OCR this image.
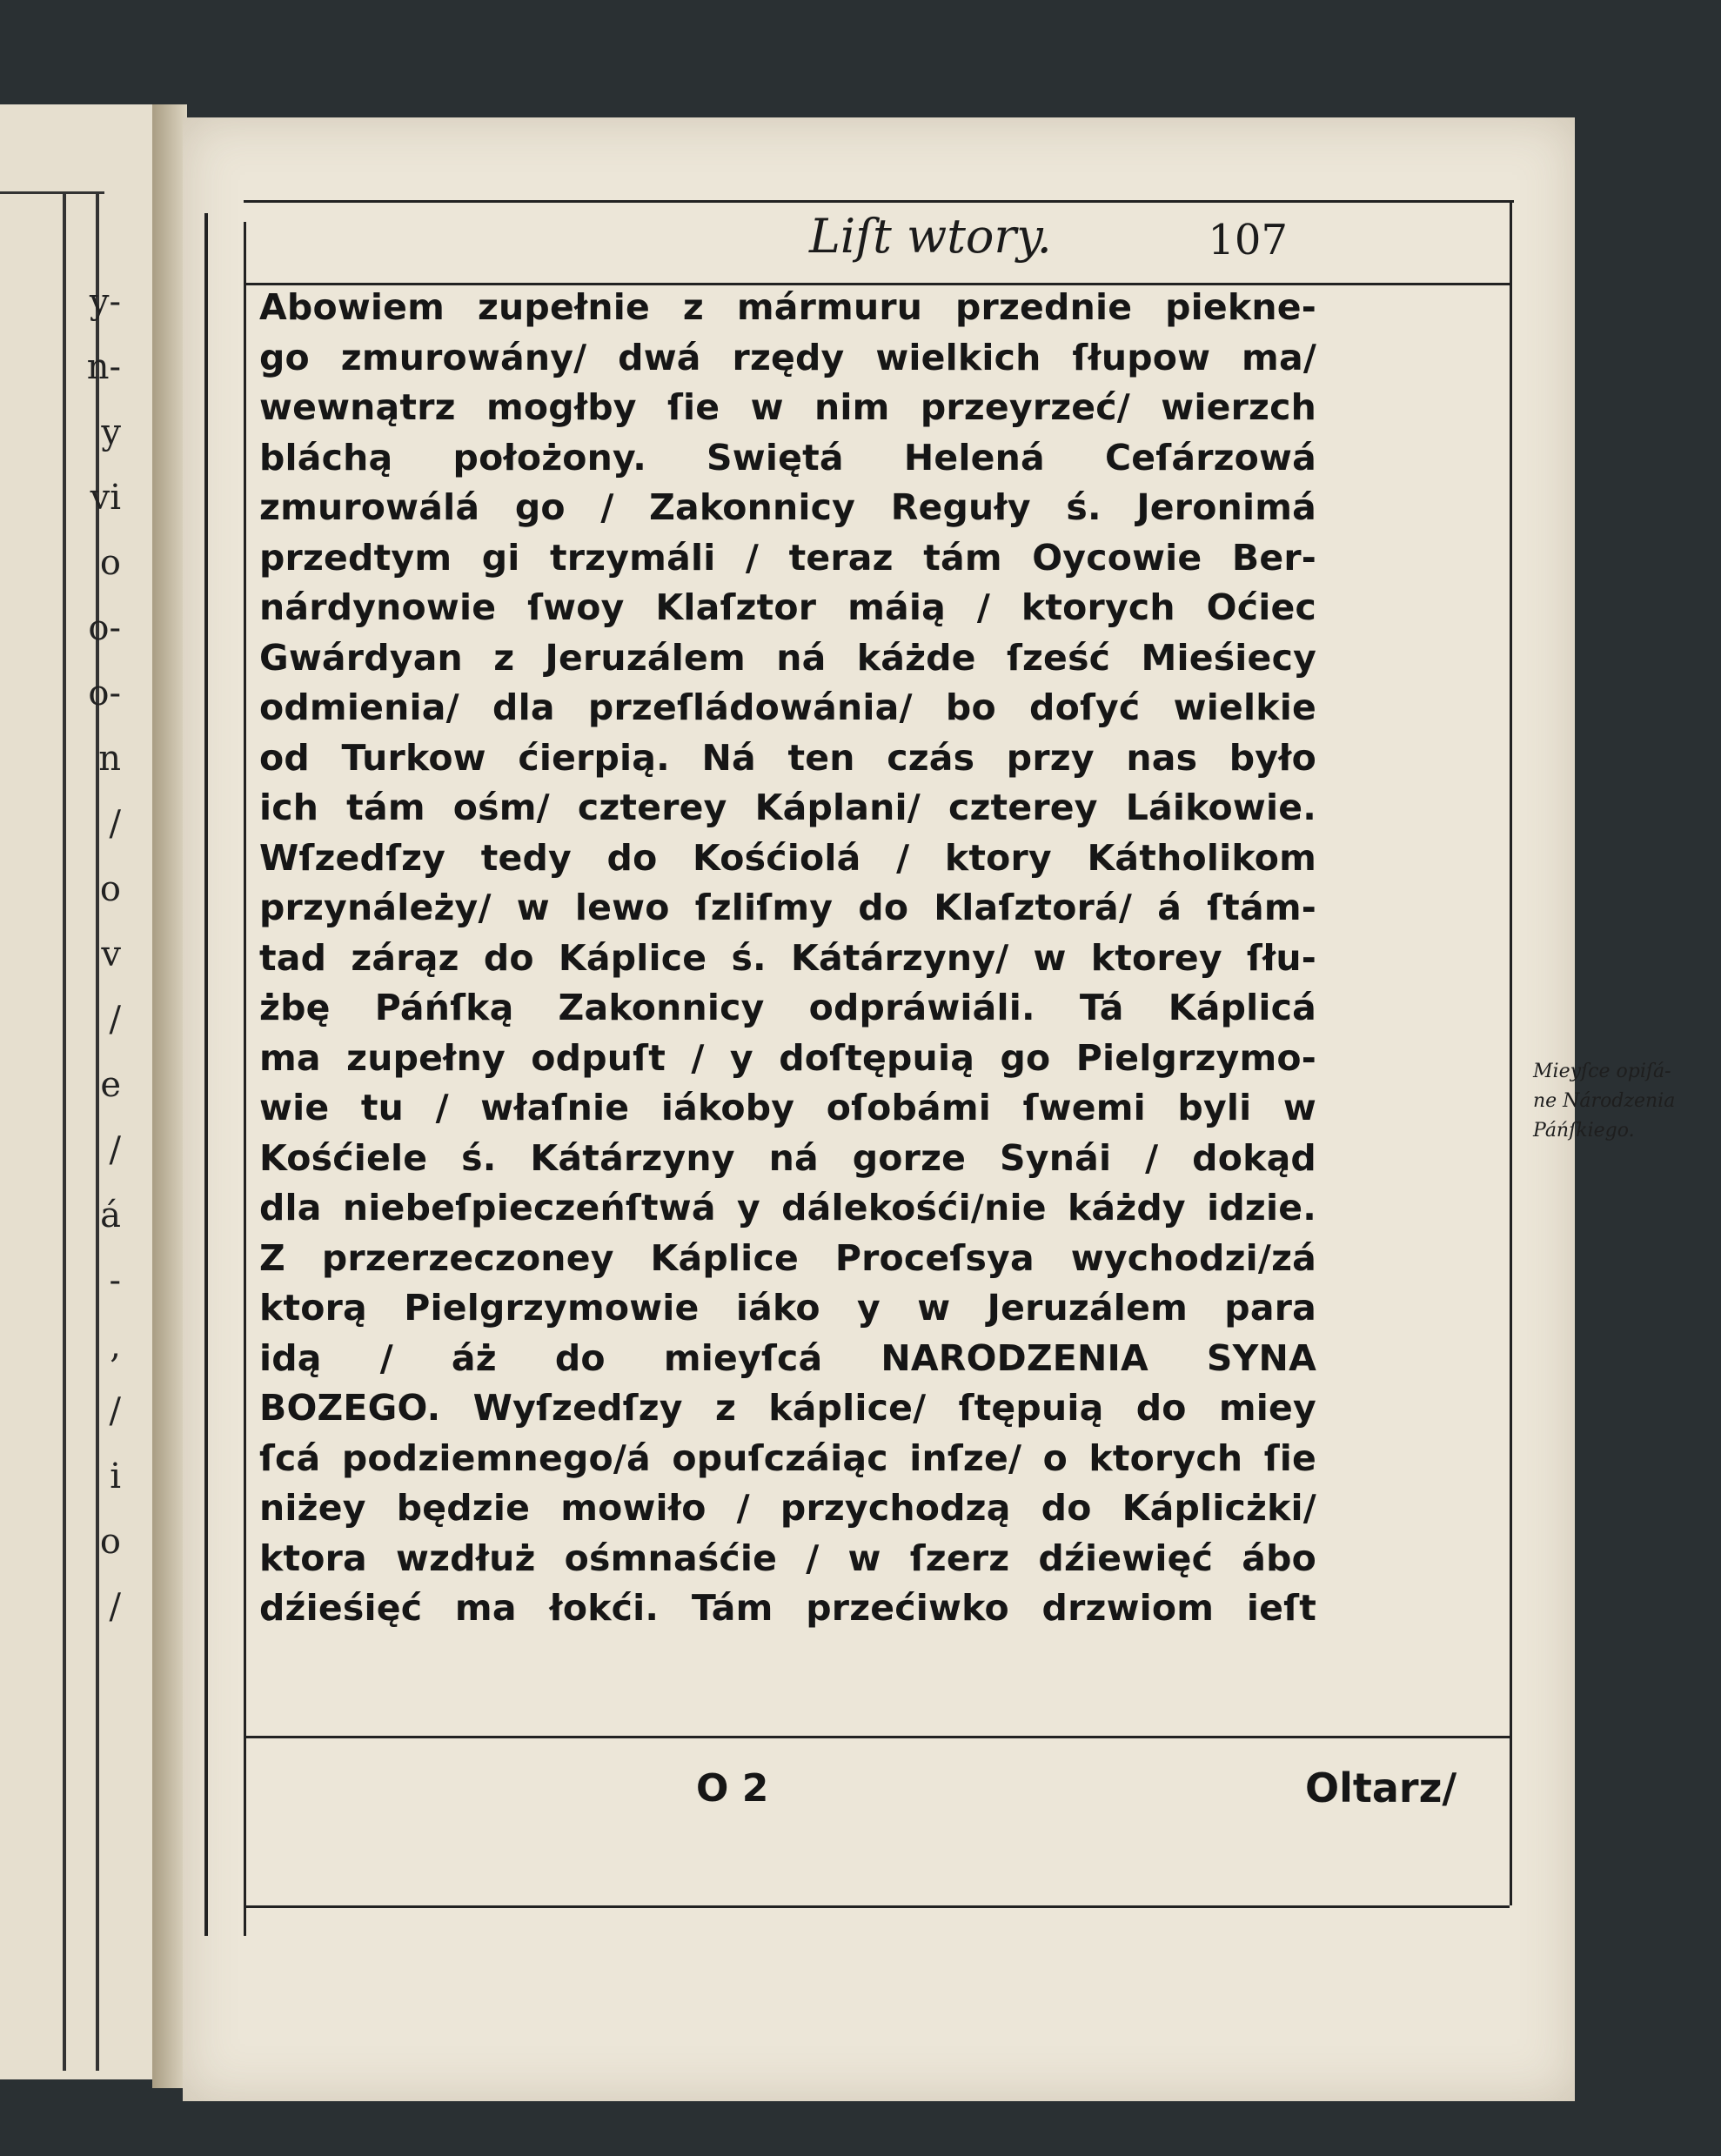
y-
n-
y
vi
o
o-
o-
n
/
o
v
/
e
/
á
-
,
/
i
o
/
Liſt wtory.	107
Abowiem zupełnie z mármuru przednie piekne-
go zmurowány/ dwá rzędy wielkich ſłupow ma/
wewnątrz mogłby ſie w nim przeyrzeć/ wierzch
bláchą położony. Swiętá Helená Ceſárzowá
zmurowálá go / Zakonnicy Reguły ś. Jeronimá
przedtym gi trzymáli / teraz tám Oycowie Ber-
nárdynowie ſwoy Klaſztor máią / ktorych Oćiec
Gwárdyan z Jeruzálem ná káżde ſześć Mieśiecy
odmienia/ dla przeſládowánia/ bo doſyć wielkie
od Turkow ćierpią. Ná ten czás przy nas było
ich tám ośm/ czterey Káplani/ czterey Láikowie.
Wſzedſzy tedy do Kośćiolá / ktory Kátholikom
przynáleży/ w lewo ſzliſmy do Klaſztorá/ á ſtám-
tad zárąz do Káplice ś. Kátárzyny/ w ktorey ſłu-
żbę Páńſką Zakonnicy odpráwiáli. Tá Káplicá
ma zupełny odpuſt / y doſtępuią go Pielgrzymo-
wie tu / właſnie iákoby oſobámi ſwemi byli w
Kośćiele ś. Kátárzyny ná gorze Synái / dokąd
dla niebeſpieczeńſtwá y dálekośći/nie káżdy idzie.
Z przerzeczoney Káplice Proceſsya wychodzi/zá
ktorą Pielgrzymowie iáko y w Jeruzálem para
idą / áż do mieyſcá NARODZENIA SYNA
BOZEGO. Wyſzedſzy z káplice/ ſtępuią do miey
ſcá podziemnego/á opuſczáiąc inſze/ o ktorych ſie
niżey będzie mowiło / przychodzą do Káplicżki/
ktora wzdłuż ośmnaśćie / w ſzerz dźiewięć ábo
dźieśięć ma łokći. Tám przećiwko drzwiom ieſt
O 2	Oltarz/
Mieyſce opiſá-
ne Národzenia
Páńſkiego.
